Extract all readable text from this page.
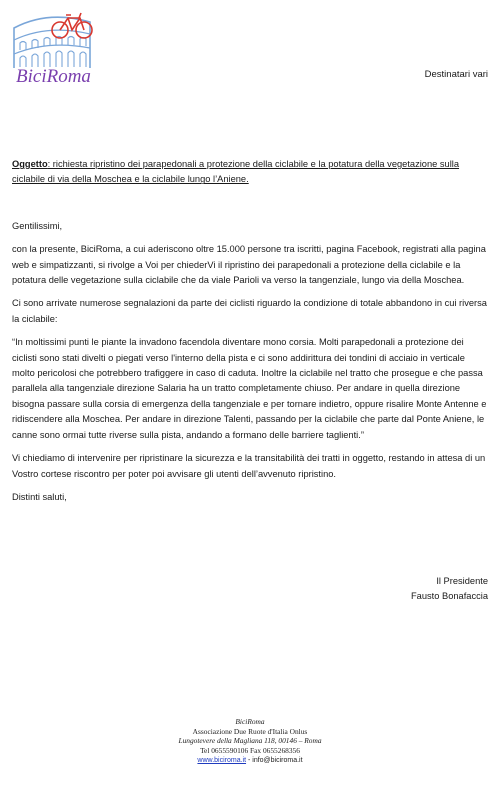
BiciRoma	Destinatari vari

Oggetto: richiesta ripristino dei parapedonali a protezione della ciclabile e la potatura della vegetazione sulla ciclabile di via della Moschea e la ciclabile lungo l’Aniene.

Gentilissimi,

con la presente, BiciRoma, a cui aderiscono oltre 15.000 persone tra iscritti, pagina Facebook, registrati alla pagina web e simpatizzanti, si rivolge a Voi per chiederVi il ripristino dei parapedonali a protezione della ciclabile e la potatura delle vegetazione sulla ciclabile che da viale Parioli va verso la tangenziale, lungo via della Moschea.

Ci sono arrivate numerose segnalazioni da parte dei ciclisti riguardo la condizione di totale abbandono in cui riversa la ciclabile:

“In moltissimi punti le piante la invadono facendola diventare mono corsia. Molti parapedonali a protezione dei ciclisti sono stati divelti o piegati verso l'interno della pista e ci sono addirittura dei tondini di acciaio in verticale molto pericolosi che potrebbero trafiggere in caso di caduta. Inoltre la ciclabile nel tratto che prosegue e che passa parallela alla tangenziale direzione Salaria ha un tratto completamente chiuso. Per andare in quella direzione bisogna passare sulla corsia di emergenza della tangenziale e per tornare indietro, oppure risalire Monte Antenne e ridiscendere alla Moschea. Per andare in direzione Talenti, passando per la ciclabile che parte dal Ponte Aniene, le canne sono ormai tutte riverse sulla pista, andando a formano delle barriere taglienti.”

Vi chiediamo di intervenire per ripristinare la sicurezza e la transitabilità dei tratti in oggetto, restando in attesa di un Vostro cortese riscontro per poter poi avvisare gli utenti dell’avvenuto ripristino.

Distinti saluti,

Il Presidente
Fausto Bonafaccia
BiciRoma
Associazione Due Ruote d'Italia Onlus
Lungotevere della Magliana 118, 00146 – Roma
Tel 0655590106 Fax 0655268356
www.biciroma.it - info@biciroma.it
